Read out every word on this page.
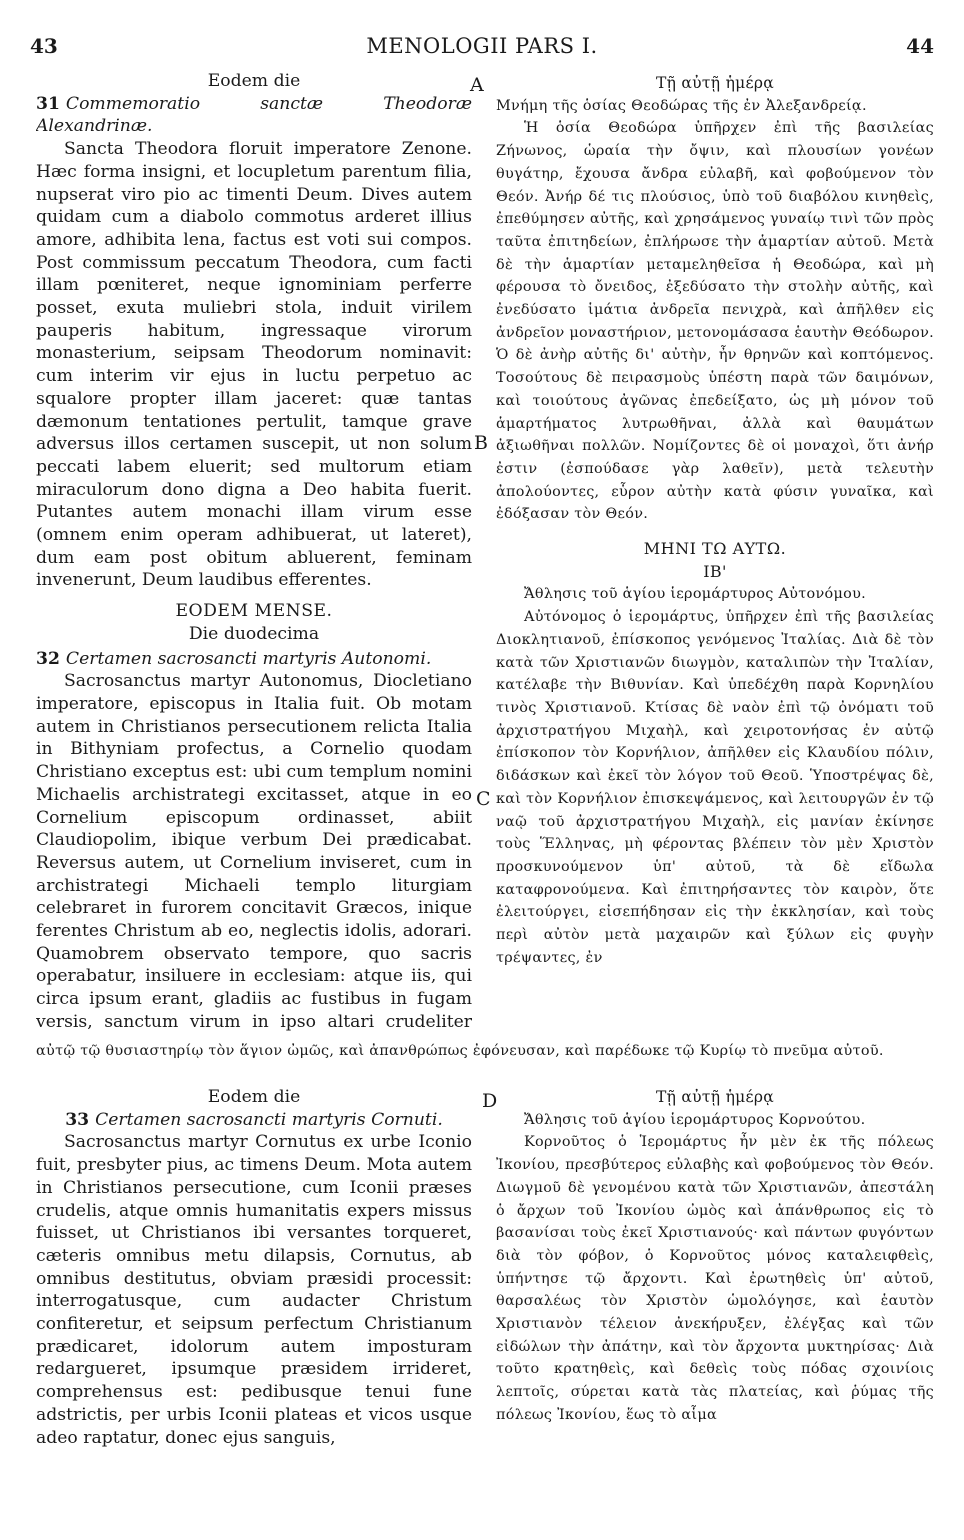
43	MENOLOGII PARS I.	44
A
B
C
D

Eodem die

31 Commemoratio sanctæ Theodoræ Alexandrinæ.

Sancta Theodora floruit imperatore Zenone. Hæc forma insigni, et locupletum parentum filia, nupserat viro pio ac timenti Deum. Dives autem quidam cum a diabolo commotus arderet illius amore, adhibita lena, factus est voti sui compos. Post commissum peccatum Theodora, cum facti illam pœniteret, neque ignominiam perferre posset, exuta muliebri stola, induit virilem pauperis habitum, ingressaque virorum monasterium, seipsam Theodorum nominavit: cum interim vir ejus in luctu perpetuo ac squalore propter illam jaceret: quæ tantas dæmonum tentationes pertulit, tamque grave adversus illos certamen suscepit, ut non solum peccati labem eluerit; sed multorum etiam miraculorum dono digna a Deo habita fuerit. Putantes autem monachi illam virum esse (omnem enim operam adhibuerat, ut lateret), dum eam post obitum abluerent, feminam invenerunt, Deum laudibus efferentes.

EODEM MENSE.

Die duodecima

32 Certamen sacrosancti martyris Autonomi.

Sacrosanctus martyr Autonomus, Diocletiano imperatore, episcopus in Italia fuit. Ob motam autem in Christianos persecutionem relicta Italia in Bithyniam profectus, a Cornelio quodam Christiano exceptus est: ubi cum templum nomini Michaelis archistrategi excitasset, atque in eo Cornelium episcopum ordinasset, abiit Claudiopolim, ibique verbum Dei prædicabat. Reversus autem, ut Cornelium inviseret, cum in archistrategi Michaeli templo liturgiam celebraret in furorem concitavit Græcos, inique ferentes Christum ab eo, neglectis idolis, adorari. Quamobrem observato tempore, quo sacris operabatur, insiluere in ecclesiam: atque iis, qui circa ipsum erant, gladiis ac fustibus in fugam versis, sanctum virum in ipso altari crudeliter

Τῇ αὐτῇ ἡμέρᾳ

Μνήμη τῆς ὁσίας Θεοδώρας τῆς ἐν Ἀλεξανδρείᾳ.

Ἡ ὁσία Θεοδώρα ὑπῆρχεν ἐπὶ τῆς βασιλείας Ζήνωνος, ὡραία τὴν ὄψιν, καὶ πλουσίων γονέων θυγάτηρ, ἔχουσα ἄνδρα εὐλαβῆ, καὶ φοβούμενον τὸν Θεόν. Ἀνήρ δέ τις πλούσιος, ὑπὸ τοῦ διαβόλου κινηθεὶς, ἐπεθύμησεν αὐτῆς, καὶ χρησάμενος γυναίῳ τινὶ τῶν πρὸς ταῦτα ἐπιτηδείων, ἐπλήρωσε τὴν ἁμαρτίαν αὐτοῦ. Μετὰ δὲ τὴν ἁμαρτίαν μεταμεληθεῖσα ἡ Θεοδώρα, καὶ μὴ φέρουσα τὸ ὄνειδος, ἐξεδύσατο τὴν στολὴν αὐτῆς, καὶ ἐνεδύσατο ἱμάτια ἀνδρεῖα πενιχρὰ, καὶ ἀπῆλθεν εἰς ἀνδρεῖον μοναστήριον, μετονομάσασα ἑαυτὴν Θεόδωρον. Ὁ δὲ ἀνὴρ αὐτῆς δι' αὐτὴν, ἦν θρηνῶν καὶ κοπτόμενος. Τοσούτους δὲ πειρασμοὺς ὑπέστη παρὰ τῶν δαιμόνων, καὶ τοιούτους ἀγῶνας ἐπεδείξατο, ὡς μὴ μόνον τοῦ ἁμαρτήματος λυτρωθῆναι, ἀλλὰ καὶ θαυμάτων ἀξιωθῆναι πολλῶν. Νομίζοντες δὲ οἱ μοναχοὶ, ὅτι ἀνήρ ἐστιν (ἐσπούδασε γὰρ λαθεῖν), μετὰ τελευτὴν ἀπολούοντες, εὗρον αὐτὴν κατὰ φύσιν γυναῖκα, καὶ ἐδόξασαν τὸν Θεόν.

ΜΗΝΙ ΤΩ ΑΥΤΩ.

ΙΒ'

Ἄθλησις τοῦ ἁγίου ἱερομάρτυρος Αὐτονόμου.

Αὐτόνομος ὁ ἱερομάρτυς, ὑπῆρχεν ἐπὶ τῆς βασιλείας Διοκλητιανοῦ, ἐπίσκοπος γενόμενος Ἰταλίας. Διὰ δὲ τὸν κατὰ τῶν Χριστιανῶν διωγμὸν, καταλιπὼν τὴν Ἰταλίαν, κατέλαβε τὴν Βιθυνίαν. Καὶ ὑπεδέχθη παρὰ Κορνηλίου τινὸς Χριστιανοῦ. Κτίσας δὲ ναὸν ἐπὶ τῷ ὀνόματι τοῦ ἀρχιστρατήγου Μιχαὴλ, καὶ χειροτονήσας ἐν αὐτῷ ἐπίσκοπον τὸν Κορνήλιον, ἀπῆλθεν εἰς Κλαυδίου πόλιν, διδάσκων καὶ ἐκεῖ τὸν λόγον τοῦ Θεοῦ. Ὑποστρέψας δὲ, καὶ τὸν Κορνήλιον ἐπισκεψάμενος, καὶ λειτουργῶν ἐν τῷ ναῷ τοῦ ἀρχιστρατήγου Μιχαὴλ, εἰς μανίαν ἐκίνησε τοὺς Ἕλληνας, μὴ φέροντας βλέπειν τὸν μὲν Χριστὸν προσκυνούμενον ὑπ' αὐτοῦ, τὰ δὲ εἴδωλα καταφρονούμενα. Καὶ ἐπιτηρήσαντες τὸν καιρὸν, ὅτε ἐλειτούργει, εἰσεπήδησαν εἰς τὴν ἐκκλησίαν, καὶ τοὺς περὶ αὐτὸν μετὰ μαχαιρῶν καὶ ξύλων εἰς φυγὴν τρέψαντες, ἐν

αὐτῷ τῷ θυσιαστηρίῳ τὸν ἅγιον ὠμῶς, καὶ ἀπανθρώπως ἐφόνευσαν, καὶ παρέδωκε τῷ Κυρίῳ τὸ πνεῦμα αὐτοῦ.

Eodem die

33 Certamen sacrosancti martyris Cornuti.

Sacrosanctus martyr Cornutus ex urbe Iconio fuit, presbyter pius, ac timens Deum. Mota autem in Christianos persecutione, cum Iconii præses crudelis, atque omnis humanitatis expers missus fuisset, ut Christianos ibi versantes torqueret, cæteris omnibus metu dilapsis, Cornutus, ab omnibus destitutus, obviam præsidi processit: interrogatusque, cum audacter Christum confiteretur, et seipsum perfectum Christianum prædicaret, idolorum autem imposturam redargueret, ipsumque præsidem irrideret, comprehensus est: pedibusque tenui fune adstrictis, per urbis Iconii plateas et vicos usque adeo raptatur, donec ejus sanguis,

Τῇ αὐτῇ ἡμέρᾳ

Ἄθλησις τοῦ ἁγίου ἱερομάρτυρος Κορνούτου.

Κορνοῦτος ὁ Ἱερομάρτυς ἦν μὲν ἐκ τῆς πόλεως Ἰκονίου, πρεσβύτερος εὐλαβὴς καὶ φοβούμενος τὸν Θεόν. Διωγμοῦ δὲ γενομένου κατὰ τῶν Χριστιανῶν, ἀπεστάλη ὁ ἄρχων τοῦ Ἰκονίου ὠμὸς καὶ ἀπάνθρωπος εἰς τὸ βασανίσαι τοὺς ἐκεῖ Χριστιανούς· καὶ πάντων φυγόντων διὰ τὸν φόβον, ὁ Κορνοῦτος μόνος καταλειφθεὶς, ὑπήντησε τῷ ἄρχοντι. Καὶ ἐρωτηθεὶς ὑπ' αὐτοῦ, θαρσαλέως τὸν Χριστὸν ὡμολόγησε, καὶ ἑαυτὸν Χριστιανὸν τέλειον ἀνεκήρυξεν, ἐλέγξας καὶ τῶν εἰδώλων τὴν ἀπάτην, καὶ τὸν ἄρχοντα μυκτηρίσας· Διὰ τοῦτο κρατηθεὶς, καὶ δεθεὶς τοὺς πόδας σχοινίοις λεπτοῖς, σύρεται κατὰ τὰς πλατείας, καὶ ῥύμας τῆς πόλεως Ἰκονίου, ἕως τὸ αἷμα
